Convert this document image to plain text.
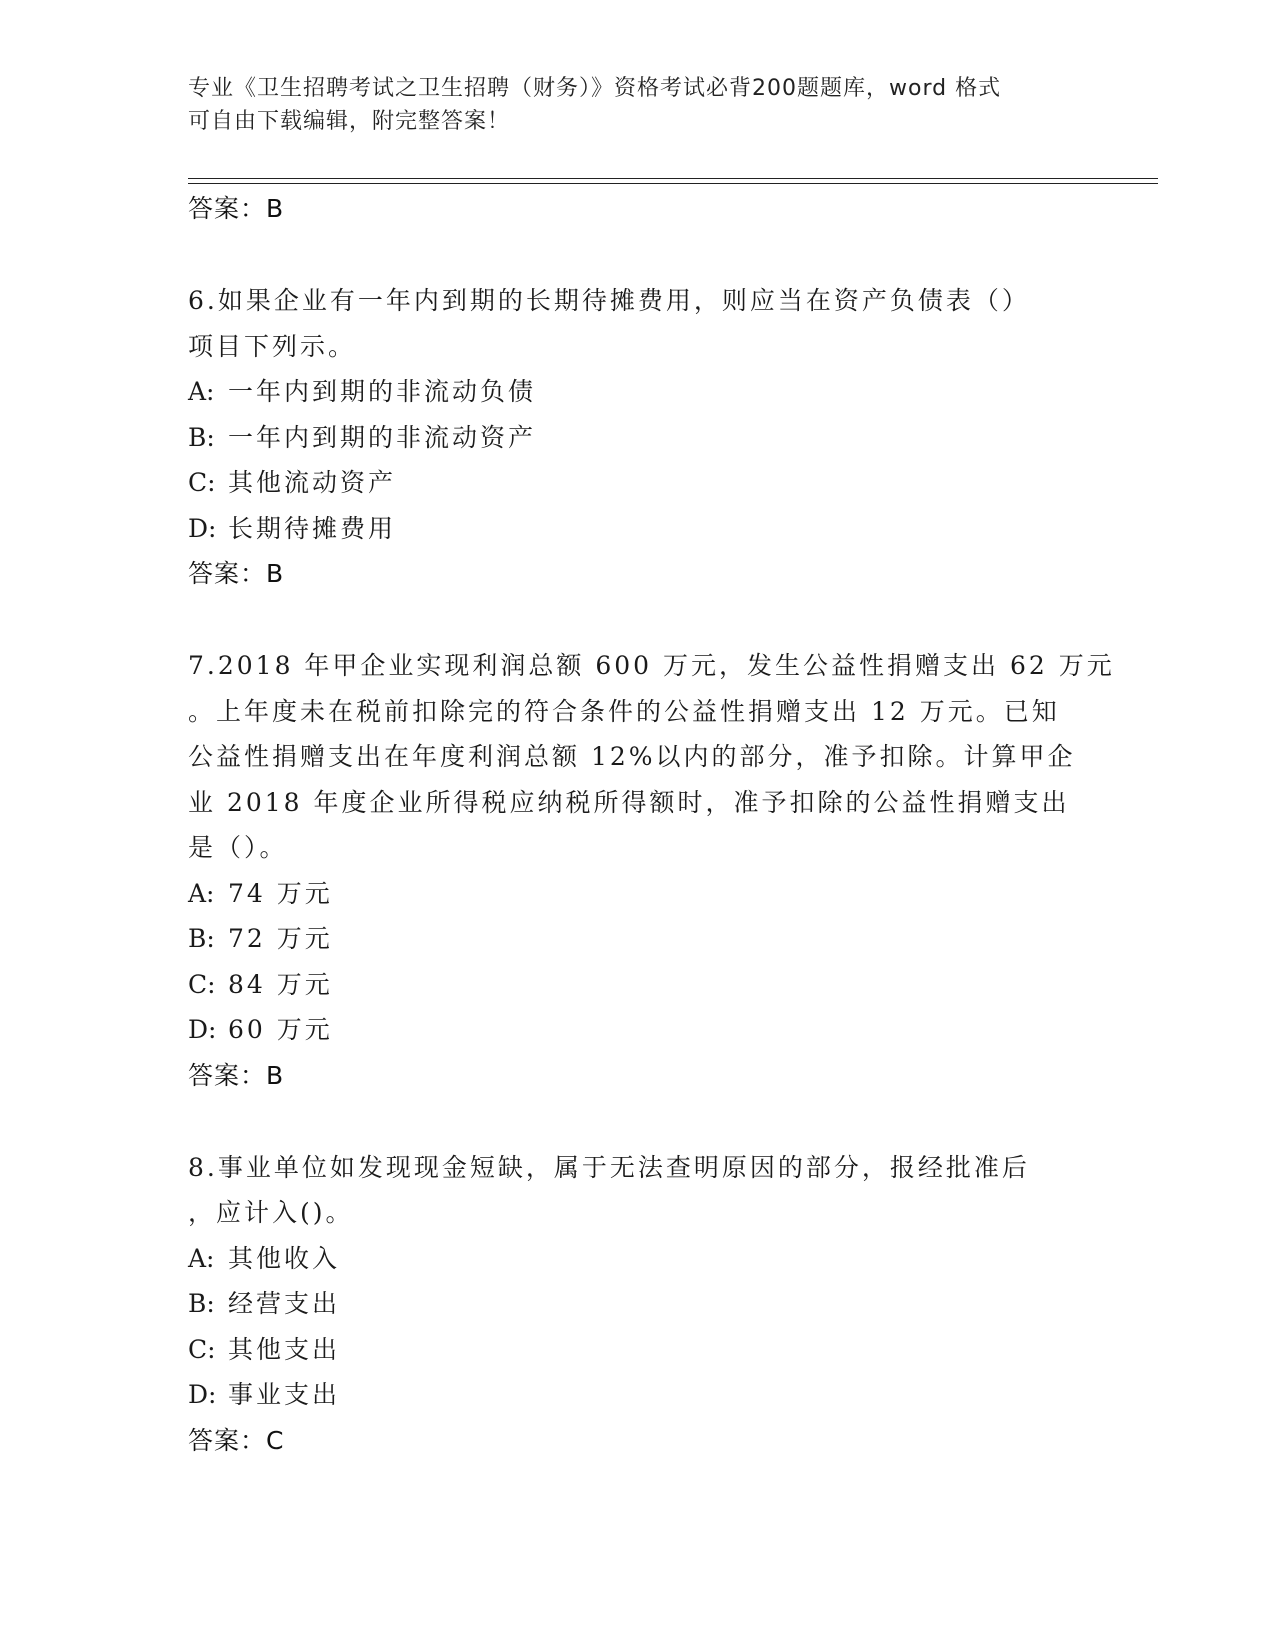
专业《卫生招聘考试之卫生招聘（财务）》资格考试必背200题题库，word 格式
可自由下载编辑，附完整答案！
答案：B
6.如果企业有一年内到期的长期待摊费用，则应当在资产负债表（）
项目下列示。
A: 一年内到期的非流动负债
B: 一年内到期的非流动资产
C: 其他流动资产
D: 长期待摊费用
答案：B
7.2018 年甲企业实现利润总额 600 万元，发生公益性捐赠支出 62 万元
。上年度未在税前扣除完的符合条件的公益性捐赠支出 12 万元。已知
公益性捐赠支出在年度利润总额 12%以内的部分，准予扣除。计算甲企
业 2018 年度企业所得税应纳税所得额时，准予扣除的公益性捐赠支出
是（）。
A: 74 万元
B: 72 万元
C: 84 万元
D: 60 万元
答案：B
8.事业单位如发现现金短缺，属于无法查明原因的部分，报经批准后
，应计入()。
A: 其他收入
B: 经营支出
C: 其他支出
D: 事业支出
答案：C
